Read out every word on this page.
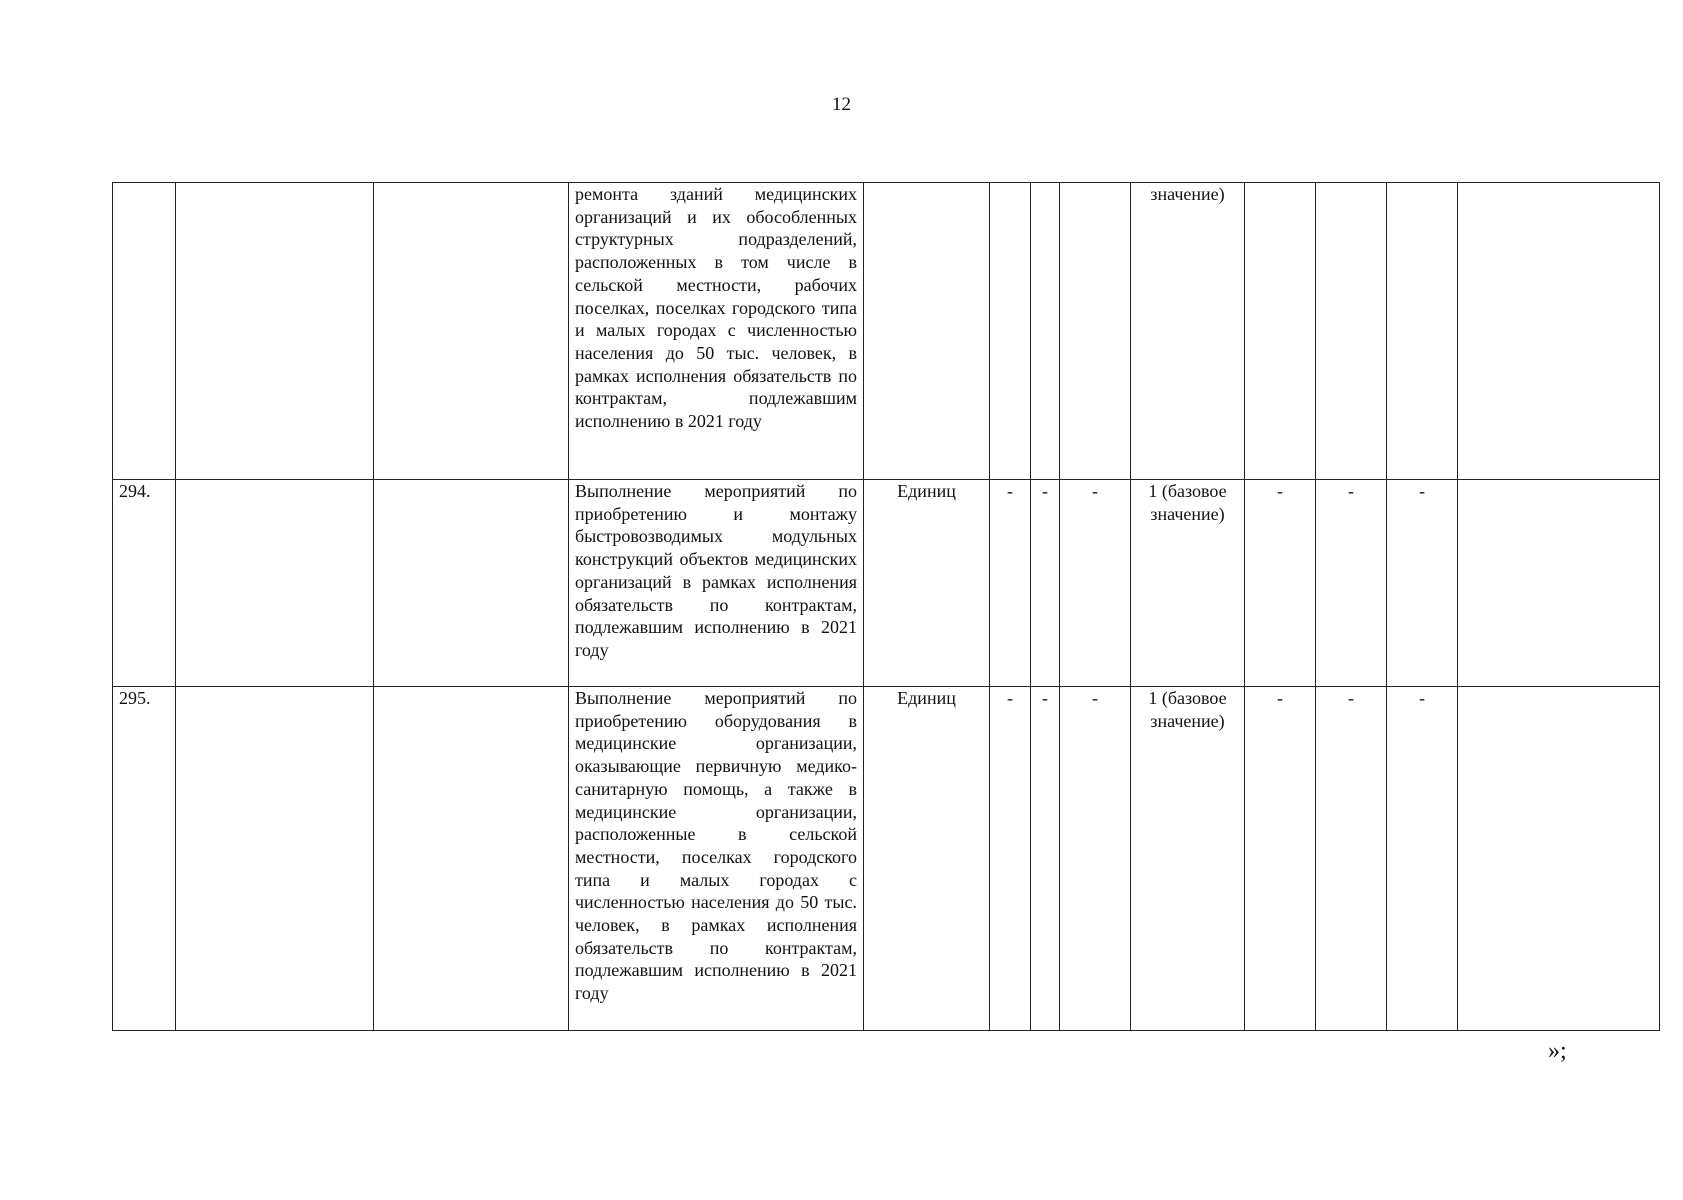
12
			ремонта зданий медицинских организаций и их обособленных структурных подразделений, расположенных в том числе в сельской местности, рабочих поселках, поселках городского типа и малых городах с численностью населения до 50 тыс. человек, в рамках исполнения обязательств по контрактам, подлежавшим исполнению в 2021 году					значение)				
294.			Выполнение мероприятий по приобретению и монтажу быстровозводимых модульных конструкций объектов медицинских организаций в рамках исполнения обязательств по контрактам, подлежавшим исполнению в 2021 году	Единиц	-	-	-	1 (базовое значение)	-	-	-	
295.			Выполнение мероприятий по приобретению оборудования в медицинские организации, оказывающие первичную медико-санитарную помощь, а также в медицинские организации, расположенные в сельской местности, поселках городского типа и малых городах с численностью населения до 50 тыс. человек, в рамках исполнения обязательств по контрактам, подлежавшим исполнению в 2021 году	Единиц	-	-	-	1 (базовое значение)	-	-	-	
»;
